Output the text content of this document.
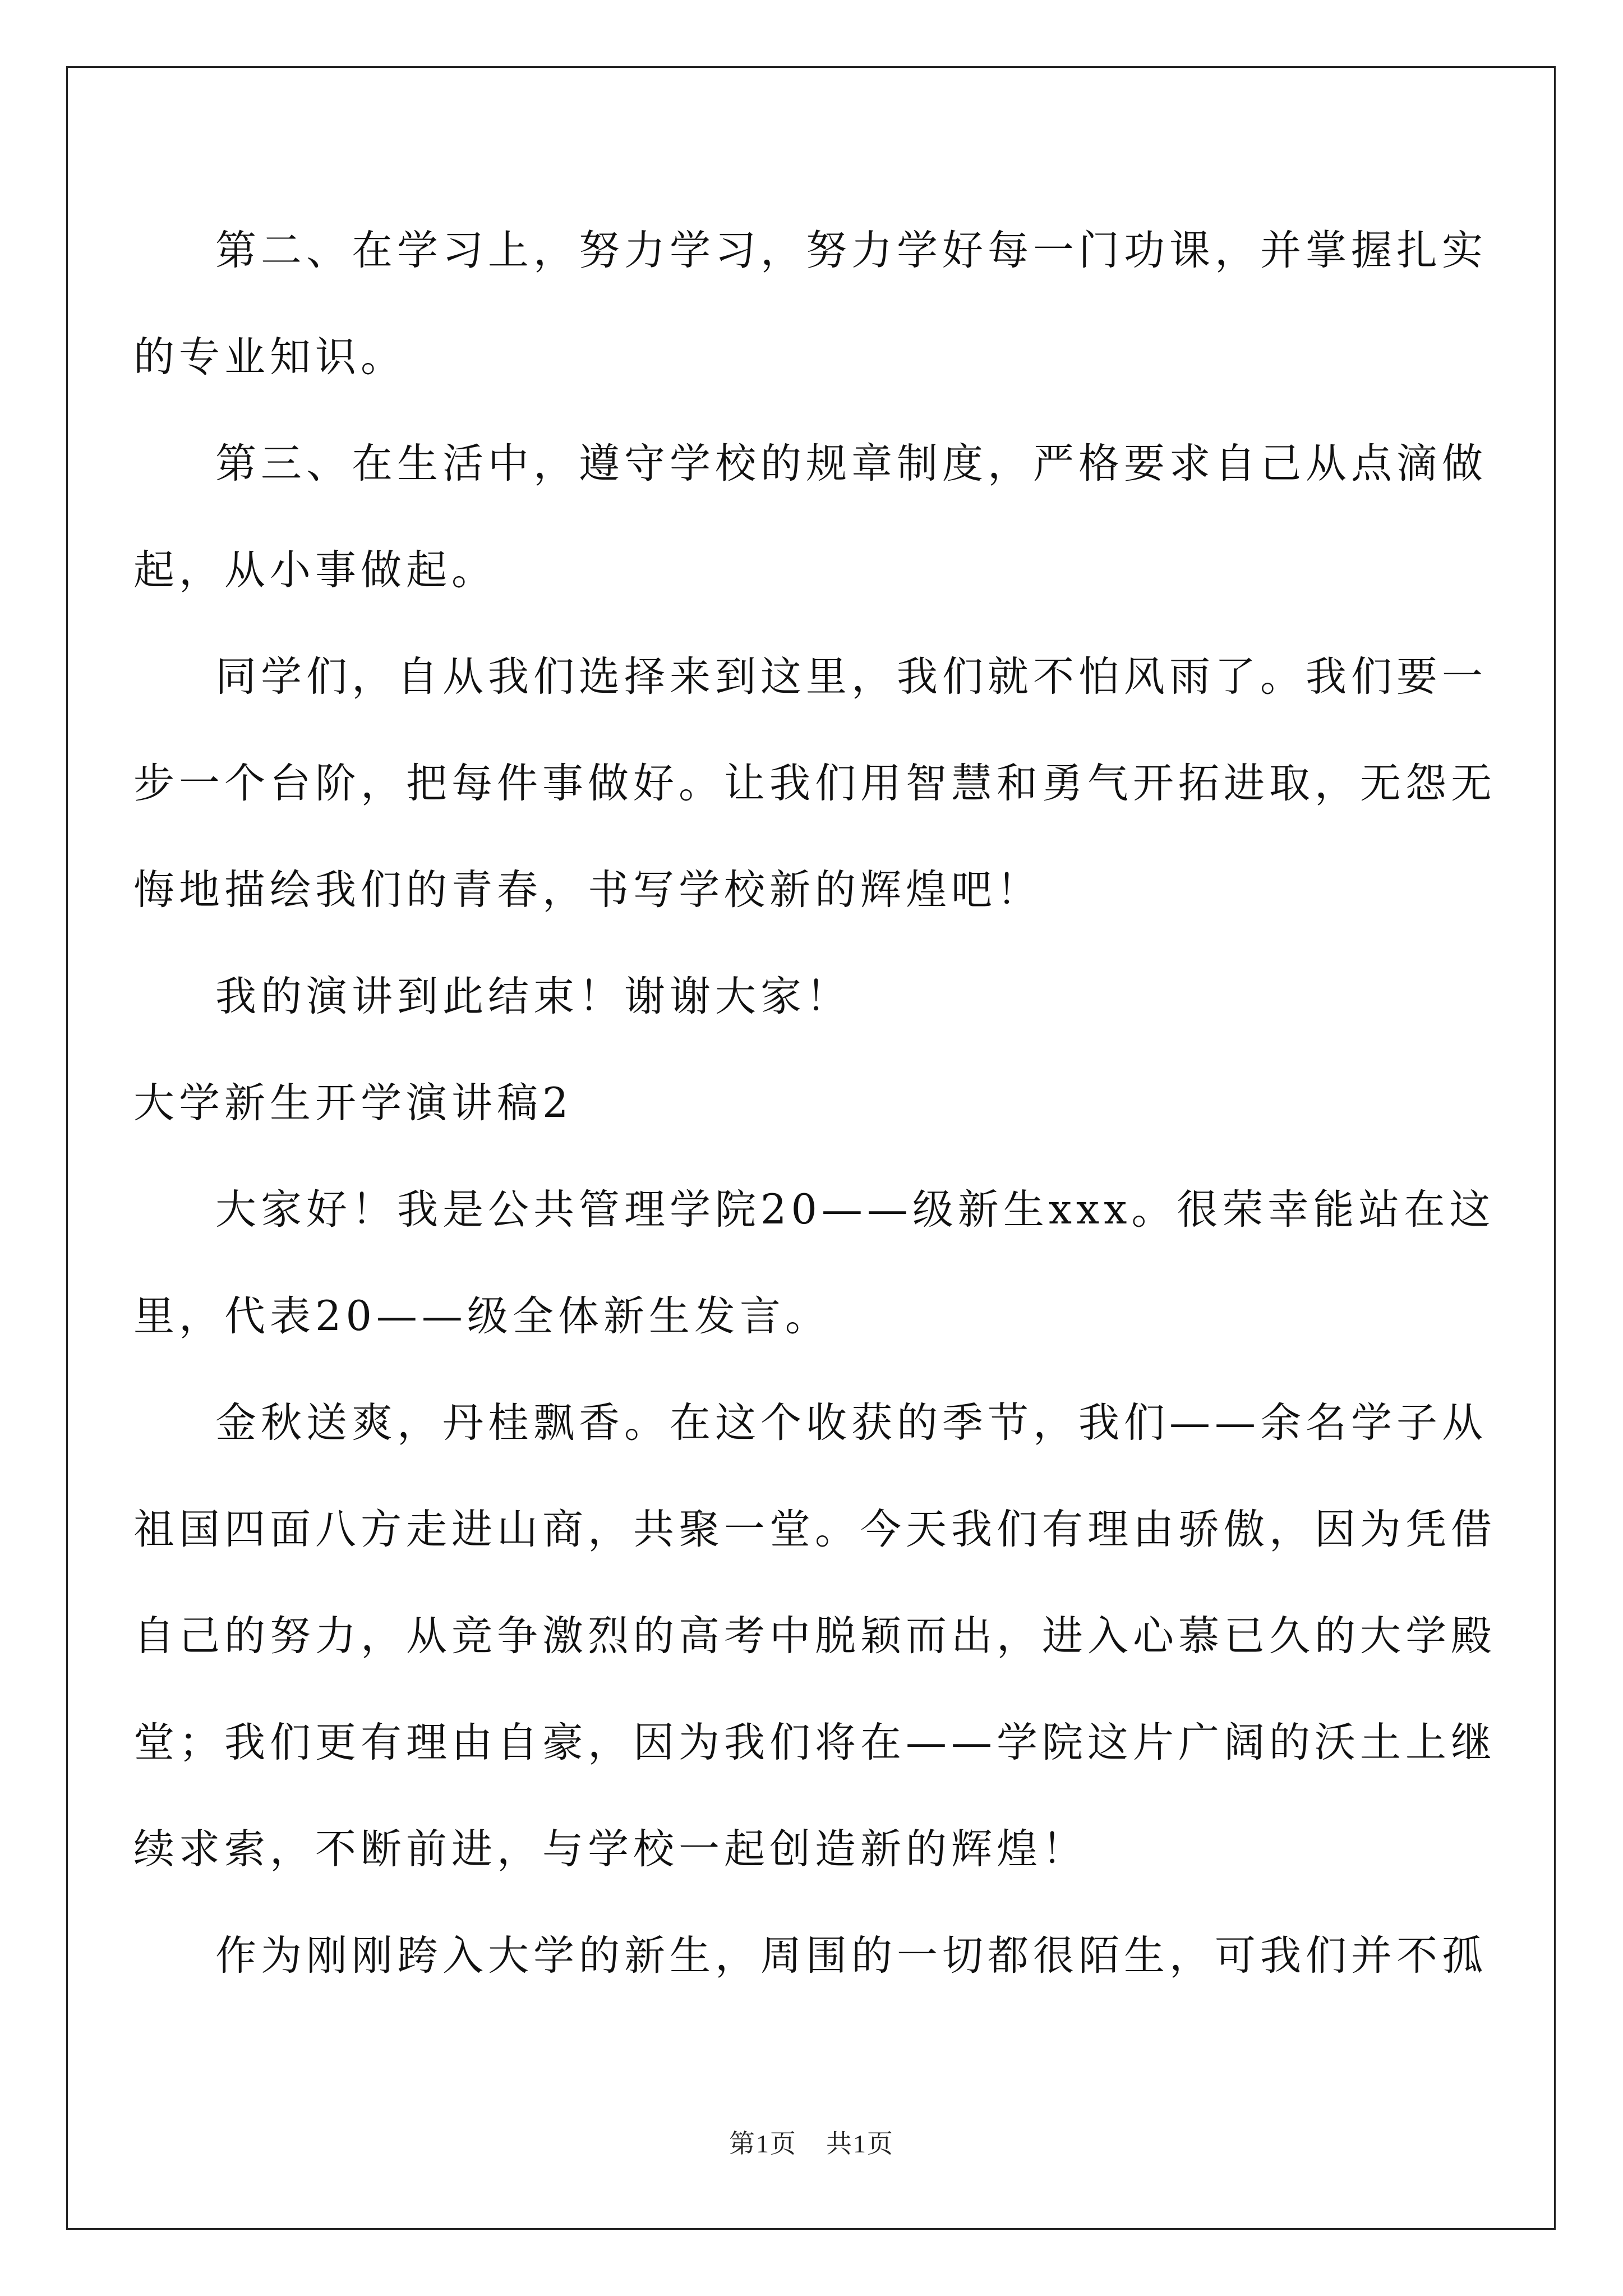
第二、在学习上，努力学习，努力学好每一门功课，并掌握扎实
的专业知识。
第三、在生活中，遵守学校的规章制度，严格要求自己从点滴做
起，从小事做起。
同学们，自从我们选择来到这里，我们就不怕风雨了。我们要一
步一个台阶，把每件事做好。让我们用智慧和勇气开拓进取，无怨无
悔地描绘我们的青春，书写学校新的辉煌吧！
我的演讲到此结束！谢谢大家！
大学新生开学演讲稿2
大家好！我是公共管理学院20——级新生xxx。很荣幸能站在这
里，代表20——级全体新生发言。
金秋送爽，丹桂飘香。在这个收获的季节，我们——余名学子从
祖国四面八方走进山商，共聚一堂。今天我们有理由骄傲，因为凭借
自己的努力，从竞争激烈的高考中脱颖而出，进入心慕已久的大学殿
堂；我们更有理由自豪，因为我们将在——学院这片广阔的沃土上继
续求索，不断前进，与学校一起创造新的辉煌！
作为刚刚跨入大学的新生，周围的一切都很陌生，可我们并不孤
第1页 共1页
